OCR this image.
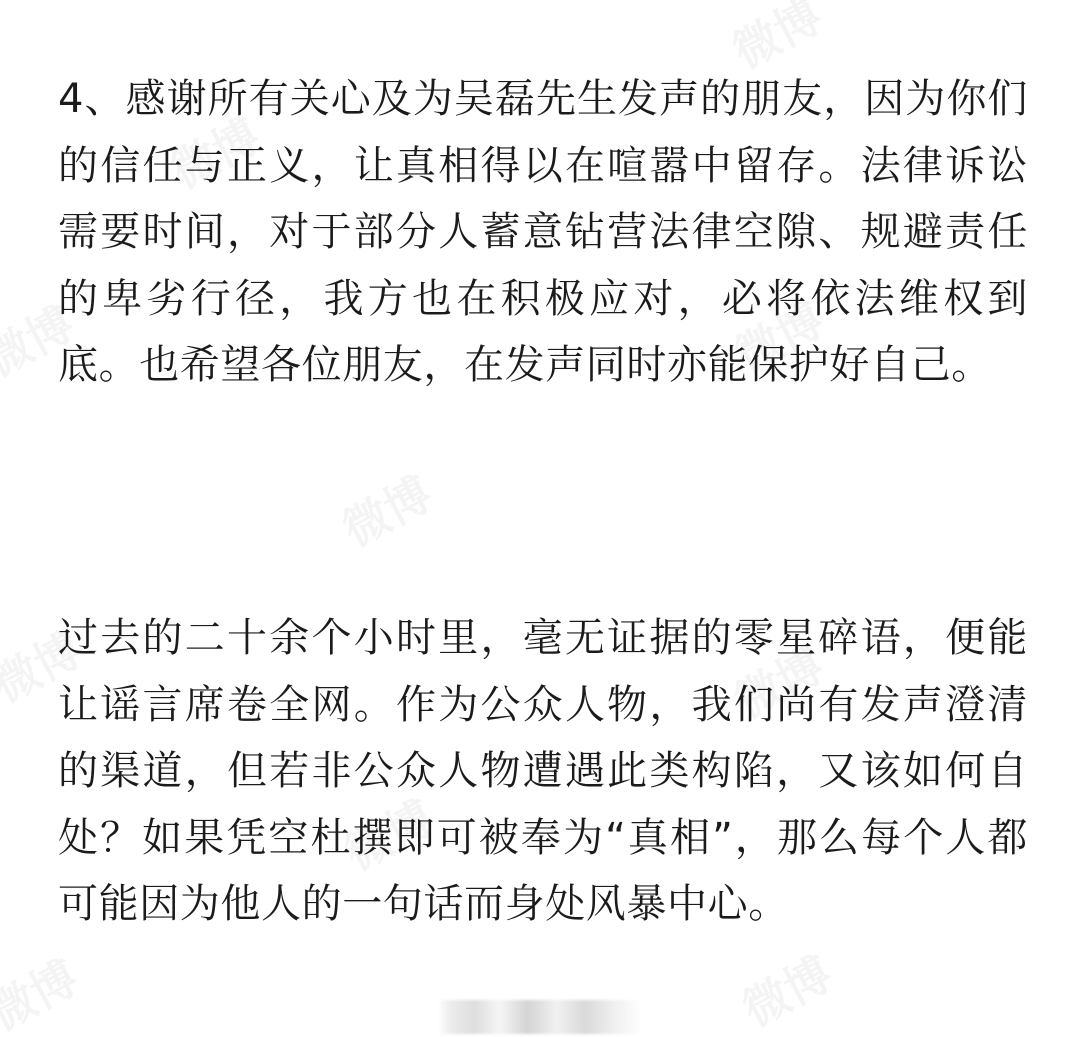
4、感谢所有关心及为吴磊先生发声的朋友，因为你们的信任与正义，让真相得以在喧嚣中留存。法律诉讼需要时间，对于部分人蓄意钻营法律空隙、规避责任的卑劣行径，我方也在积极应对，必将依法维权到底。也希望各位朋友，在发声同时亦能保护好自己。
过去的二十余个小时里，毫无证据的零星碎语，便能让谣言席卷全网。作为公众人物，我们尚有发声澄清的渠道，但若非公众人物遭遇此类构陷，又该如何自处？如果凭空杜撰即可被奉为“真相”，那么每个人都可能因为他人的一句话而身处风暴中心。
